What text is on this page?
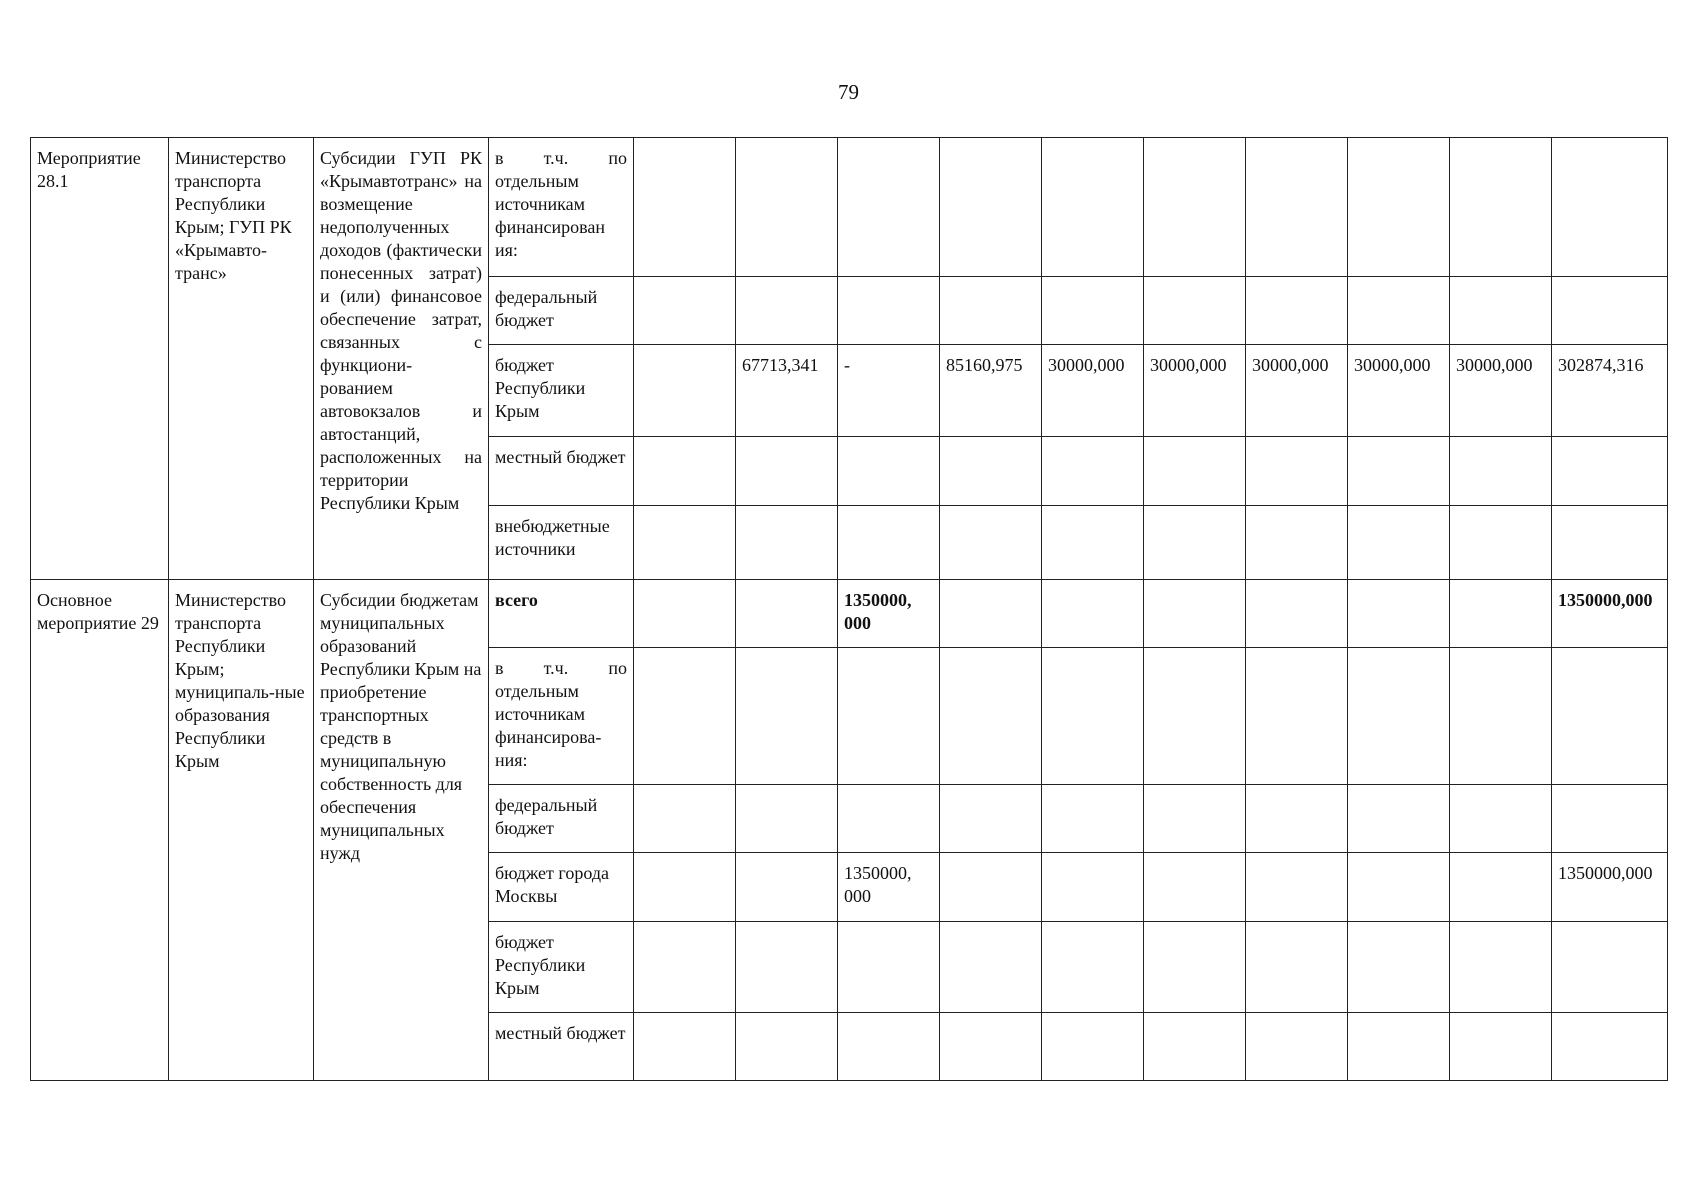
79
Мероприятие 28.1	Министерство транспорта Республики Крым; ГУП РК «Крымавто-транс»	Субсидии ГУП РК «Крымавтотранс» на возмещение недополученных доходов (фактически понесенных затрат) и (или) финансовое обеспечение затрат, связанных с функциони-рованием автовокзалов и автостанций, расположенных на территории Республики Крым	в т.ч. по отдельным источникам финансирован ия:										
			федеральный бюджет										
			бюджет Республики Крым		67713,341	-	85160,975	30000,000	30000,000	30000,000	30000,000	30000,000	302874,316
			местный бюджет										
			внебюджетные источники										
Основное мероприятие 29	Министерство транспорта Республики Крым; муниципаль-ные образования Республики Крым	Субсидии бюджетам муниципальных образований Республики Крым на приобретение транспортных средств в муниципальную собственность для обеспечения муниципальных нужд	всего			1350000, 000							1350000,000
			в т.ч. по отдельным источникам финансирова-ния:										
			федеральный бюджет										
			бюджет города Москвы			1350000, 000							1350000,000
			бюджет Республики Крым										
			местный бюджет										
